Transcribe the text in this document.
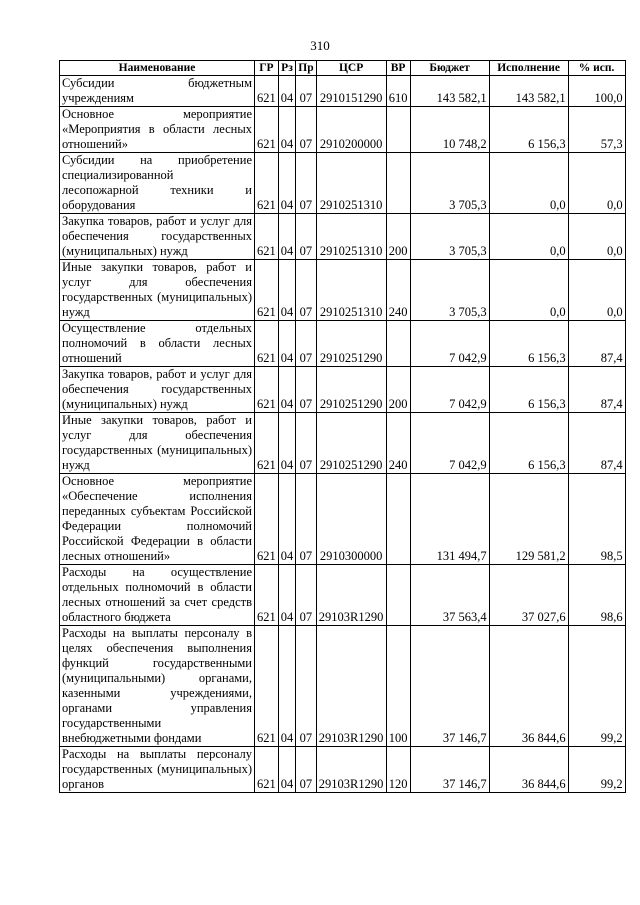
310
Наименование	ГР	Рз	Пр	ЦСР	ВР	Бюджет	Исполнение	% исп.
Субсидии бюджетным учреждениям	621	04	07	2910151290	610	143 582,1	143 582,1	100,0
Основное мероприятие «Мероприятия в области лесных отношений»	621	04	07	2910200000		10 748,2	6 156,3	57,3
Субсидии на приобретение специализированной лесопожарной техники и оборудования	621	04	07	2910251310		3 705,3	0,0	0,0
Закупка товаров, работ и услуг для обеспечения государственных (муниципальных) нужд	621	04	07	2910251310	200	3 705,3	0,0	0,0
Иные закупки товаров, работ и услуг для обеспечения государственных (муниципальных) нужд	621	04	07	2910251310	240	3 705,3	0,0	0,0
Осуществление отдельных полномочий в области лесных отношений	621	04	07	2910251290		7 042,9	6 156,3	87,4
Закупка товаров, работ и услуг для обеспечения государственных (муниципальных) нужд	621	04	07	2910251290	200	7 042,9	6 156,3	87,4
Иные закупки товаров, работ и услуг для обеспечения государственных (муниципальных) нужд	621	04	07	2910251290	240	7 042,9	6 156,3	87,4
Основное мероприятие «Обеспечение исполнения переданных субъектам Российской Федерации полномочий Российской Федерации в области лесных отношений»	621	04	07	2910300000		131 494,7	129 581,2	98,5
Расходы на осуществление отдельных полномочий в области лесных отношений за счет средств областного бюджета	621	04	07	29103R1290		37 563,4	37 027,6	98,6
Расходы на выплаты персоналу в целях обеспечения выполнения функций государственными (муниципальными) органами, казенными учреждениями, органами управления государственными внебюджетными фондами	621	04	07	29103R1290	100	37 146,7	36 844,6	99,2
Расходы на выплаты персоналу государственных (муниципальных) органов	621	04	07	29103R1290	120	37 146,7	36 844,6	99,2
